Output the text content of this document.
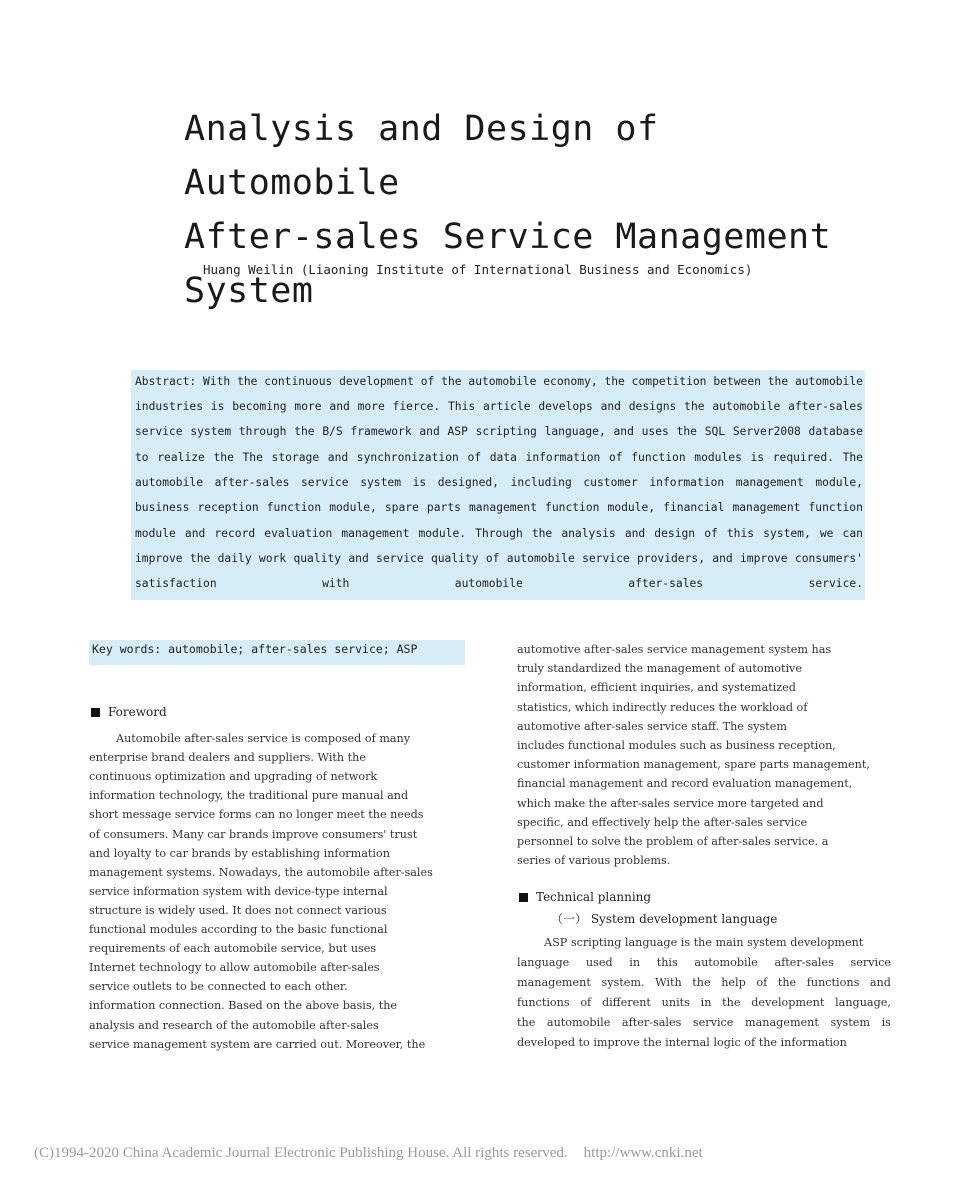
Analysis and Design of Automobile
After-sales Service Management
System
Huang Weilin (Liaoning Institute of International Business and Economics)
Abstract: With the continuous development of the automobile economy, the competition between the automobile
industries is becoming more and more fierce. This article develops and designs the automobile after-sales
service system through the B/S framework and ASP scripting language, and uses the SQL Server2008 database
to realize the The storage and synchronization of data information of function modules is required. The
automobile after-sales service system is designed, including customer information management module,
business reception function module, spare parts management function module, financial management function
module and record evaluation management module. Through the analysis and design of this system, we can
improve the daily work quality and service quality of automobile service providers, and improve consumers'
satisfaction with automobile after-sales service.
Key words: automobile; after-sales service; ASP
Foreword
Automobile after-sales service is composed of many
enterprise brand dealers and suppliers. With the
continuous optimization and upgrading of network
information technology, the traditional pure manual and
short message service forms can no longer meet the needs
of consumers. Many car brands improve consumers' trust
and loyalty to car brands by establishing information
management systems. Nowadays, the automobile after-sales
service information system with device-type internal
structure is widely used. It does not connect various
functional modules according to the basic functional
requirements of each automobile service, but uses
Internet technology to allow automobile after-sales
service outlets to be connected to each other.
information connection. Based on the above basis, the
analysis and research of the automobile after-sales
service management system are carried out. Moreover, the
automotive after-sales service management system has
truly standardized the management of automotive
information, efficient inquiries, and systematized
statistics, which indirectly reduces the workload of
automotive after-sales service staff. The system
includes functional modules such as business reception,
customer information management, spare parts management,
financial management and record evaluation management,
which make the after-sales service more targeted and
specific, and effectively help the after-sales service
personnel to solve the problem of after-sales service. a
series of various problems.
Technical planning
（一） System development language
ASP scripting language is the main system development
language used in this automobile after-sales service
management system. With the help of the functions and
functions of different units in the development language,
the automobile after-sales service management system is
developed to improve the internal logic of the information
(C)1994-2020 China Academic Journal Electronic Publishing House. All rights reserved. http://www.cnki.net
